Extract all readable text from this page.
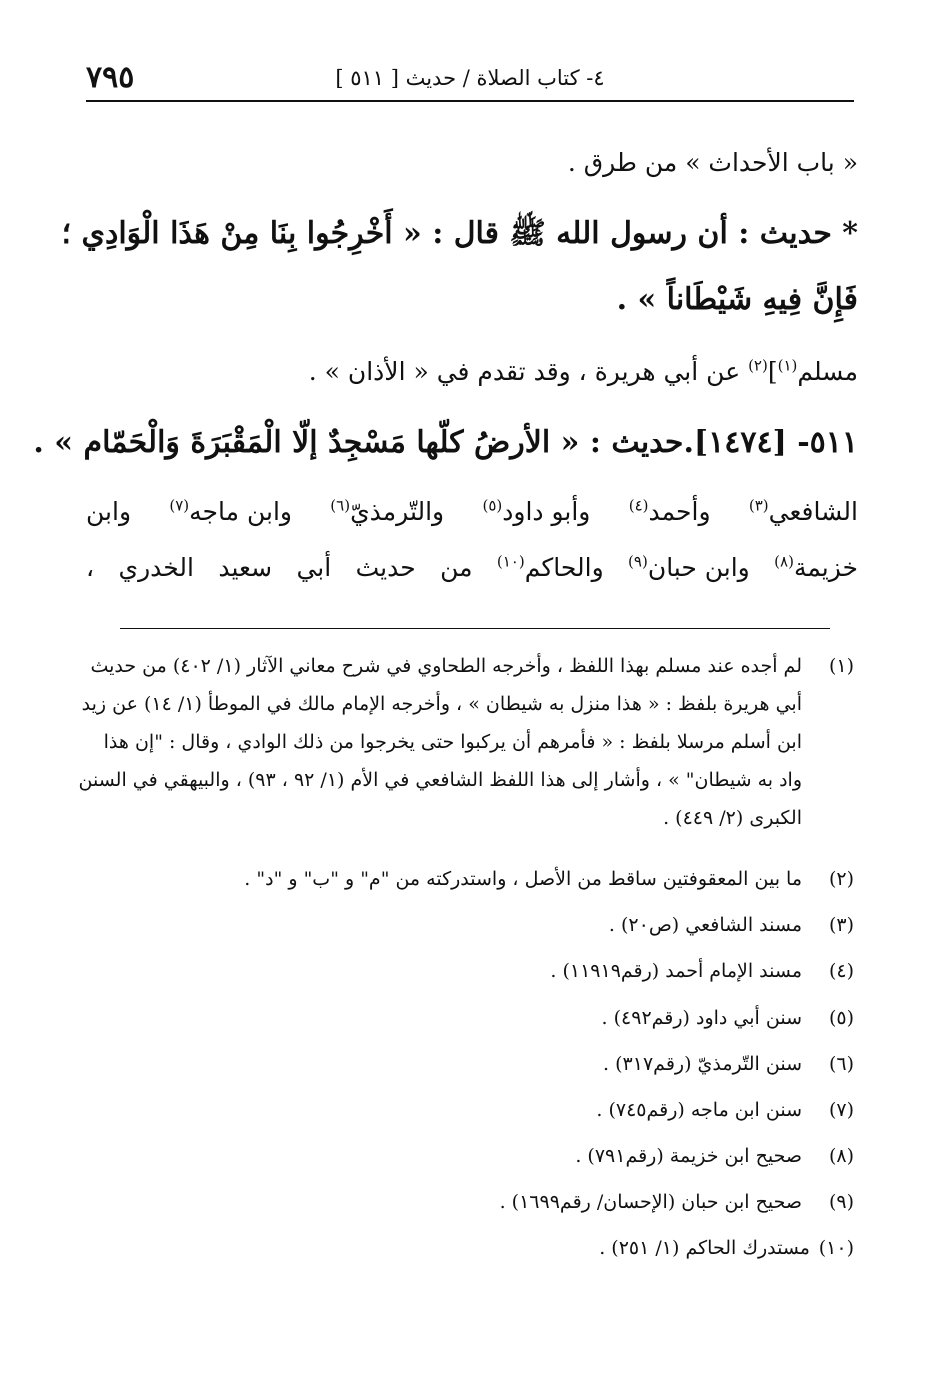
٧٩٥	٤- كتاب الصلاة / حديث [ ٥١١ ]
« باب الأحداث » من طرق .
* حديث : أن رسول الله ﷺ قال : « أَخْرِجُوا بِنَا مِنْ هَذَا الْوَادِي ؛
فَإِنَّ فِيهِ شَيْطَاناً » .
مسلم$^{(١)}$]$^{(٢)}$ عن أبي هريرة ، وقد تقدم في « الأذان » .
٥١١- [١٤٧٤].حديث : « الأرضُ كلّها مَسْجِدٌ إلّا الْمَقْبَرَةَ وَالْحَمّام » .
الشافعي$^{(٣)}$
وأحمد$^{(٤)}$
وأبو داود$^{(٥)}$
والتّرمذيّ$^{(٦)}$
وابن ماجه$^{(٧)}$
وابن
خزيمة$^{(٨)}$
وابن حبان$^{(٩)}$
والحاكم$^{(١٠)}$
من
حديث
أبي
سعيد
الخدري
،
(١)
لم أجده عند مسلم بهذا اللفظ ، وأخرجه الطحاوي في شرح معاني الآثار (١/ ٤٠٢) من حديث
أبي هريرة بلفظ : « هذا منزل به شيطان » ، وأخرجه الإمام مالك في الموطأ (١/ ١٤) عن زيد
ابن أسلم مرسلا بلفظ : « فأمرهم أن يركبوا حتى يخرجوا من ذلك الوادي ، وقال : "إن هذا
واد به شيطان" » ، وأشار إلى هذا اللفظ الشافعي في الأم (١/ ٩٢ ، ٩٣) ، والبيهقي في السنن
الكبرى (٢/ ٤٤٩) .
(٢)
ما بين المعقوفتين ساقط من الأصل ، واستدركته من "م" و "ب" و "د" .
(٣)
مسند الشافعي (ص٢٠) .
(٤)
مسند الإمام أحمد (رقم١١٩١٩) .
(٥)
سنن أبي داود (رقم٤٩٢) .
(٦)
سنن التّرمذيّ (رقم٣١٧) .
(٧)
سنن ابن ماجه (رقم٧٤٥) .
(٨)
صحيح ابن خزيمة (رقم٧٩١) .
(٩)
صحيح ابن حبان (الإحسان/ رقم١٦٩٩) .
(١٠)
مستدرك الحاكم (١/ ٢٥١) .
